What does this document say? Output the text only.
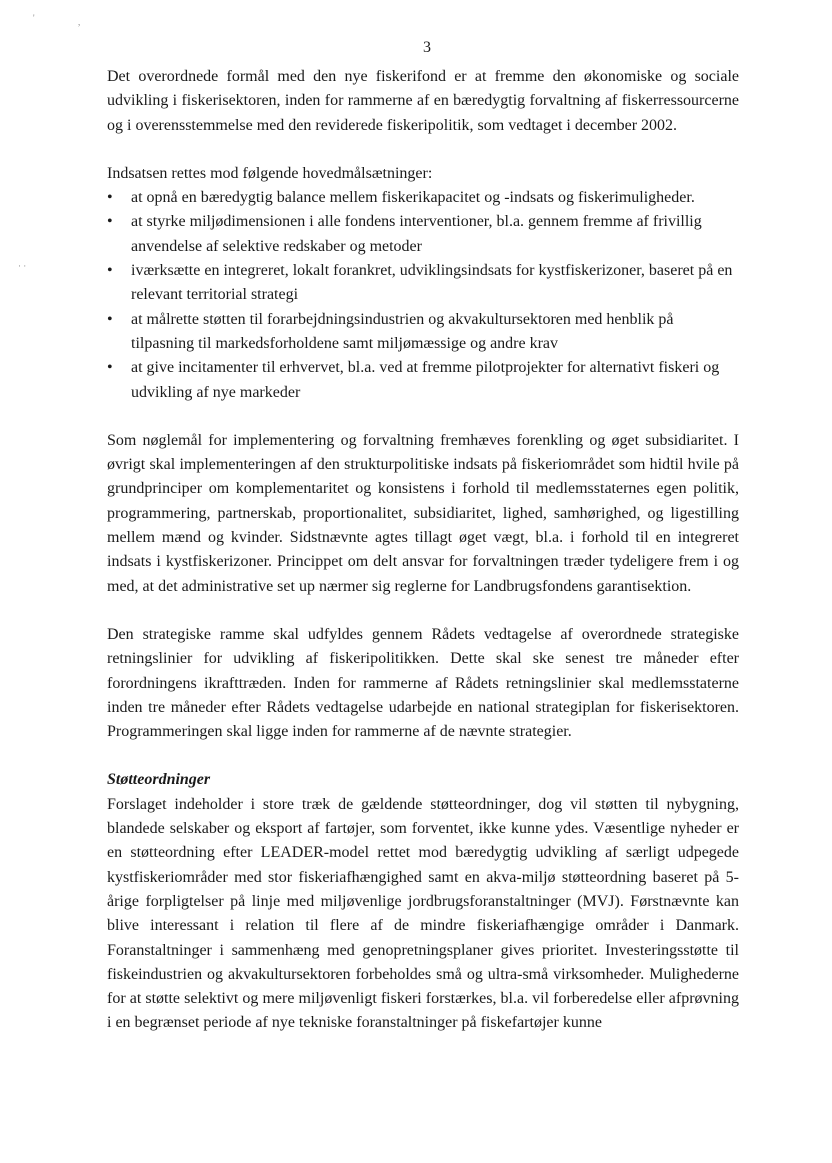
'	,
· ·
3

Det overordnede formål med den nye fiskerifond er at fremme den økonomiske og sociale udvikling i fiskerisektoren, inden for rammerne af en bæredygtig forvaltning af fiskerressourcerne og i overensstemmelse med den reviderede fiskeripolitik, som vedtaget i december 2002.

Indsatsen rettes mod følgende hovedmålsætninger:

• at opnå en bæredygtig balance mellem fiskerikapacitet og -indsats og fiskerimuligheder.
• at styrke miljødimensionen i alle fondens interventioner, bl.a. gennem fremme af frivillig anvendelse af selektive redskaber og metoder
• iværksætte en integreret, lokalt forankret, udviklingsindsats for kystfiskerizoner, baseret på en relevant territorial strategi
• at målrette støtten til forarbejdningsindustrien og akvakultursektoren med henblik på tilpasning til markedsforholdene samt miljømæssige og andre krav
• at give incitamenter til erhvervet, bl.a. ved at fremme pilotprojekter for alternativt fiskeri og udvikling af nye markeder

Som nøglemål for implementering og forvaltning fremhæves forenkling og øget subsidiaritet. I øvrigt skal implementeringen af den strukturpolitiske indsats på fiskeriområdet som hidtil hvile på grundprinciper om komplementaritet og konsistens i forhold til medlemsstaternes egen politik, programmering, partnerskab, proportionalitet, subsidiaritet, lighed, samhørighed, og ligestilling mellem mænd og kvinder. Sidstnævnte agtes tillagt øget vægt, bl.a. i forhold til en integreret indsats i kystfiskerizoner. Princippet om delt ansvar for forvaltningen træder tydeligere frem i og med, at det administrative set up nærmer sig reglerne for Landbrugsfondens garantisektion.

Den strategiske ramme skal udfyldes gennem Rådets vedtagelse af overordnede strategiske retningslinier for udvikling af fiskeripolitikken. Dette skal ske senest tre måneder efter forordningens ikrafttræden. Inden for rammerne af Rådets retningslinier skal medlemsstaterne inden tre måneder efter Rådets vedtagelse udarbejde en national strategiplan for fiskerisektoren. Programmeringen skal ligge inden for rammerne af de nævnte strategier.

Støtteordninger

Forslaget indeholder i store træk de gældende støtteordninger, dog vil støtten til nybygning, blandede selskaber og eksport af fartøjer, som forventet, ikke kunne ydes. Væsentlige nyheder er en støtteordning efter LEADER-model rettet mod bæredygtig udvikling af særligt udpegede kystfiskeriområder med stor fiskeriafhængighed samt en akva-miljø støtteordning baseret på 5-årige forpligtelser på linje med miljøvenlige jordbrugsforanstaltninger (MVJ). Førstnævnte kan blive interessant i relation til flere af de mindre fiskeriafhængige områder i Danmark. Foranstaltninger i sammenhæng med genopretningsplaner gives prioritet. Investeringsstøtte til fiskeindustrien og akvakultursektoren forbeholdes små og ultra-små virksomheder. Mulighederne for at støtte selektivt og mere miljøvenligt fiskeri forstærkes, bl.a. vil forberedelse eller afprøvning i en begrænset periode af nye tekniske foranstaltninger på fiskefartøjer kunne
